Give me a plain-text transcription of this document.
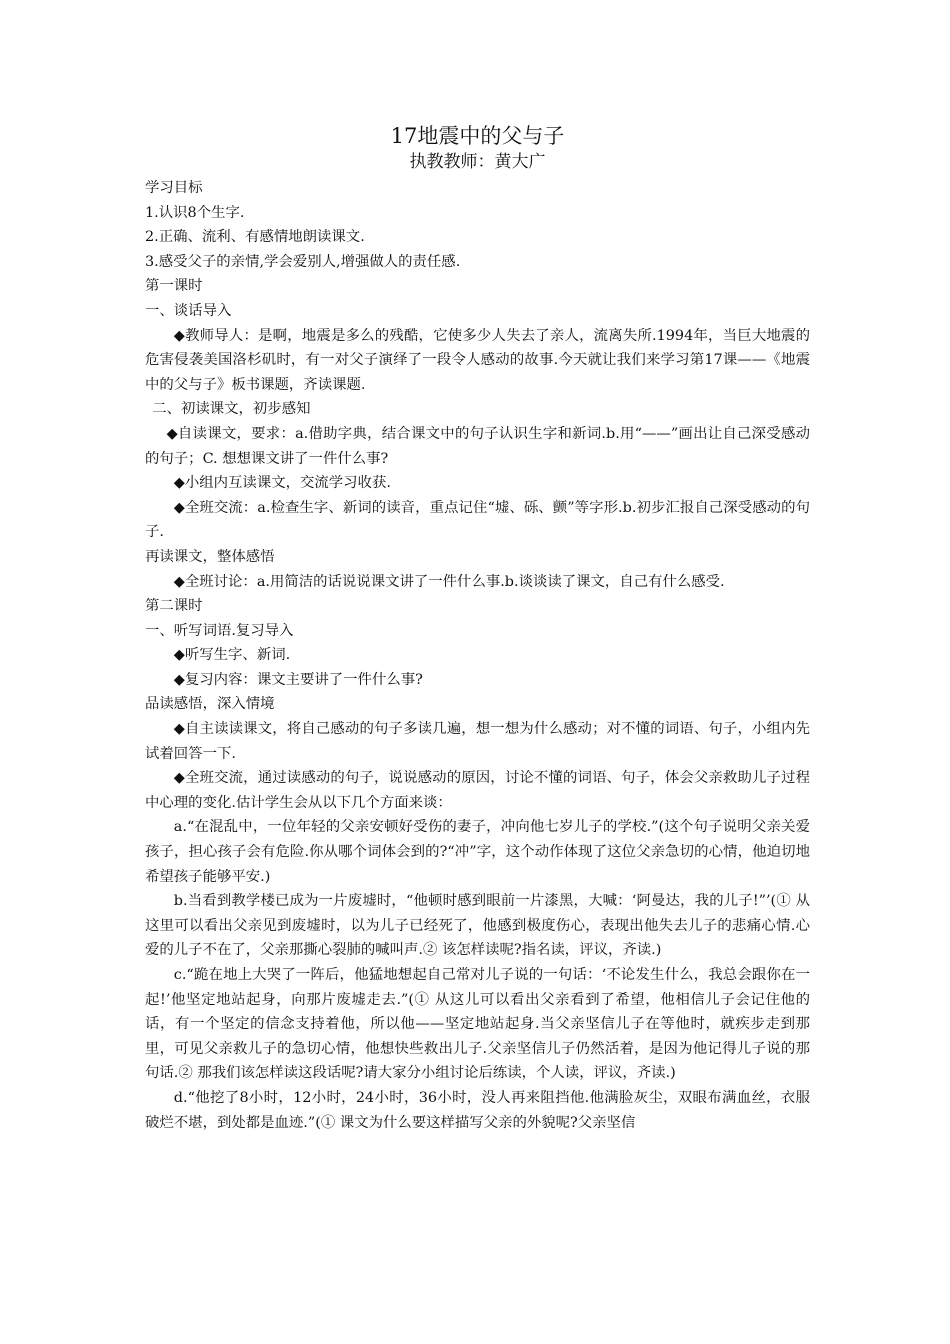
17地震中的父与子
执教教师：黄大广

学习目标

1.认识8个生字.

2.正确、流利、有感情地朗读课文.

3.感受父子的亲情,学会爱别人,增强做人的责任感.

第一课时

一、谈话导入

◆教师导人：是啊，地震是多么的残酷，它使多少人失去了亲人，流离失所.1994年，当巨大地震的危害侵袭美国洛杉矶时，有一对父子演绎了一段令人感动的故事.今天就让我们来学习第17课——《地震中的父与子》板书课题，齐读课题.

二、初读课文，初步感知

◆自读课文，要求：a.借助字典，结合课文中的句子认识生字和新词.b.用“——”画出让自己深受感动的句子；C. 想想课文讲了一件什么事?

◆小组内互读课文，交流学习收获.

◆全班交流：a.检查生字、新词的读音，重点记住“墟、砾、颤”等字形.b.初步汇报自己深受感动的句子.

再读课文，整体感悟

◆全班讨论：a.用简洁的话说说课文讲了一件什么事.b.谈谈读了课文，自己有什么感受.

第二课时

一、听写词语.复习导入

◆听写生字、新词.

◆复习内容：课文主要讲了一件什么事?

品读感悟，深入情境

◆自主读读课文，将自己感动的句子多读几遍，想一想为什么感动；对不懂的词语、句子，小组内先试着回答一下.

◆全班交流，通过读感动的句子，说说感动的原因，讨论不懂的词语、句子，体会父亲救助儿子过程中心理的变化.估计学生会从以下几个方面来谈：

a.“在混乱中，一位年轻的父亲安顿好受伤的妻子，冲向他七岁儿子的学校.”(这个句子说明父亲关爱孩子，担心孩子会有危险.你从哪个词体会到的?“冲”字，这个动作体现了这位父亲急切的心情，他迫切地希望孩子能够平安.)

b.当看到教学楼已成为一片废墟时，“他顿时感到眼前一片漆黑，大喊：‘阿曼达，我的儿子!”’(① 从这里可以看出父亲见到废墟时，以为儿子已经死了，他感到极度伤心，表现出他失去儿子的悲痛心情.心爱的儿子不在了，父亲那撕心裂肺的喊叫声.② 该怎样读呢?指名读，评议，齐读.)

c.“跪在地上大哭了一阵后，他猛地想起自己常对儿子说的一句话：‘不论发生什么，我总会跟你在一起!’他坚定地站起身，向那片废墟走去.”(① 从这儿可以看出父亲看到了希望，他相信儿子会记住他的话，有一个坚定的信念支持着他，所以他——坚定地站起身.当父亲坚信儿子在等他时，就疾步走到那里，可见父亲救儿子的急切心情，他想快些救出儿子.父亲坚信儿子仍然活着，是因为他记得儿子说的那句话.② 那我们该怎样读这段话呢?请大家分小组讨论后练读，个人读，评议，齐读.)

d.“他挖了8小时，12小时，24小时，36小时，没人再来阻挡他.他满脸灰尘，双眼布满血丝，衣服破烂不堪，到处都是血迹.”(① 课文为什么要这样描写父亲的外貌呢?父亲坚信
